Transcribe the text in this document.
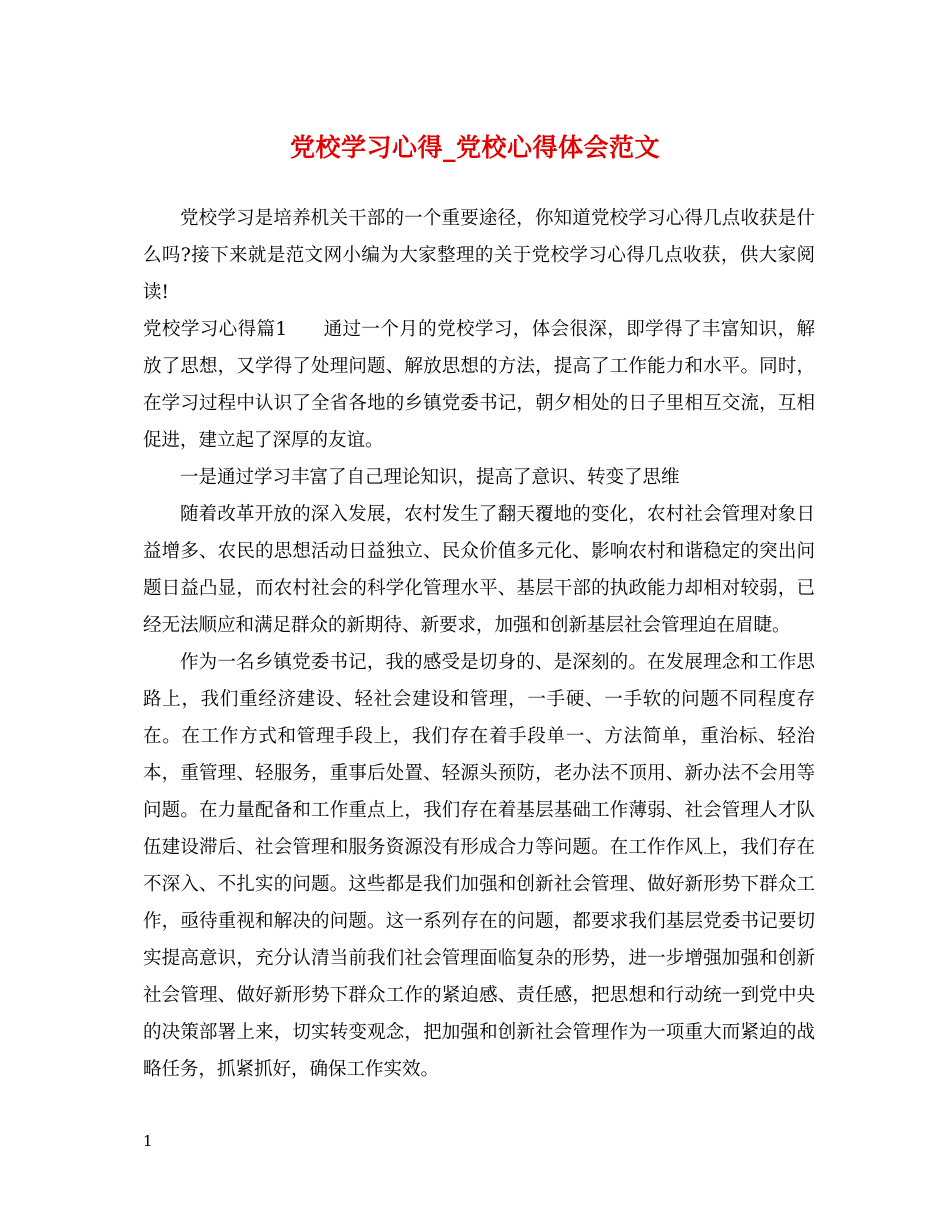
党校学习心得_党校心得体会范文

党校学习是培养机关干部的一个重要途径，你知道党校学习心得几点收获是什么吗?接下来就是范文网小编为大家整理的关于党校学习心得几点收获，供大家阅读!

党校学习心得篇1 通过一个月的党校学习，体会很深，即学得了丰富知识，解放了思想，又学得了处理问题、解放思想的方法，提高了工作能力和水平。同时，在学习过程中认识了全省各地的乡镇党委书记，朝夕相处的日子里相互交流，互相促进，建立起了深厚的友谊。

一是通过学习丰富了自己理论知识，提高了意识、转变了思维

随着改革开放的深入发展，农村发生了翻天覆地的变化，农村社会管理对象日益增多、农民的思想活动日益独立、民众价值多元化、影响农村和谐稳定的突出问题日益凸显，而农村社会的科学化管理水平、基层干部的执政能力却相对较弱，已经无法顺应和满足群众的新期待、新要求，加强和创新基层社会管理迫在眉睫。

作为一名乡镇党委书记，我的感受是切身的、是深刻的。在发展理念和工作思路上，我们重经济建设、轻社会建设和管理，一手硬、一手软的问题不同程度存在。在工作方式和管理手段上，我们存在着手段单一、方法简单，重治标、轻治本，重管理、轻服务，重事后处置、轻源头预防，老办法不顶用、新办法不会用等问题。在力量配备和工作重点上，我们存在着基层基础工作薄弱、社会管理人才队伍建设滞后、社会管理和服务资源没有形成合力等问题。在工作作风上，我们存在不深入、不扎实的问题。这些都是我们加强和创新社会管理、做好新形势下群众工作，亟待重视和解决的问题。这一系列存在的问题，都要求我们基层党委书记要切实提高意识，充分认清当前我们社会管理面临复杂的形势，进一步增强加强和创新社会管理、做好新形势下群众工作的紧迫感、责任感，把思想和行动统一到党中央的决策部署上来，切实转变观念，把加强和创新社会管理作为一项重大而紧迫的战略任务，抓紧抓好，确保工作实效。

1
